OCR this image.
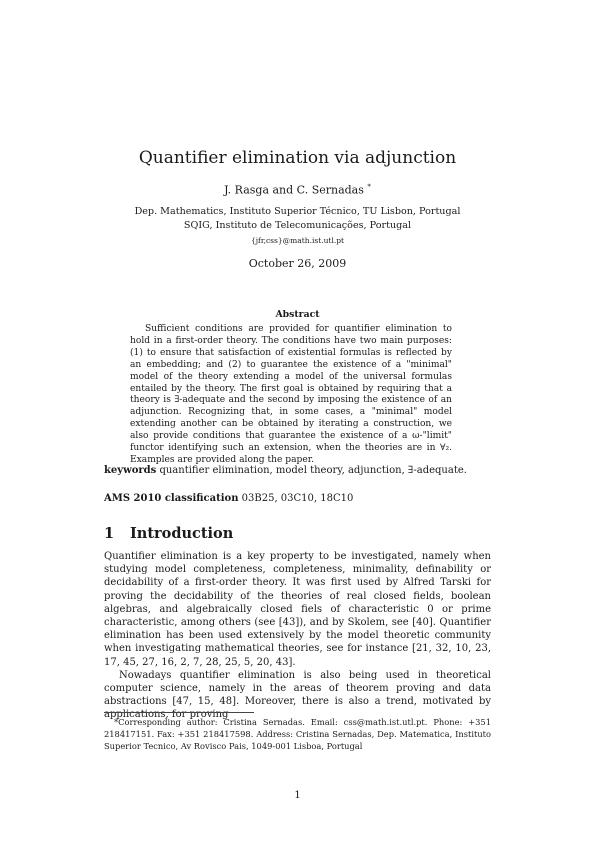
Quantifier elimination via adjunction
J. Rasga and C. Sernadas *
Dep. Mathematics, Instituto Superior Técnico, TU Lisbon, Portugal
SQIG, Instituto de Telecomunicações, Portugal
{jfr,css}@math.ist.utl.pt
October 26, 2009
Abstract
Sufficient conditions are provided for quantifier elimination to hold in a first-order theory. The conditions have two main purposes: (1) to ensure that satisfaction of existential formulas is reflected by an embedding; and (2) to guarantee the existence of a "minimal" model of the theory extending a model of the universal formulas entailed by the theory. The first goal is obtained by requiring that a theory is ∃-adequate and the second by imposing the existence of an adjunction. Recognizing that, in some cases, a "minimal" model extending another can be obtained by iterating a construction, we also provide conditions that guarantee the existence of a ω-"limit" functor identifying such an extension, when the theories are in ∀₂. Examples are provided along the paper.
keywords quantifier elimination, model theory, adjunction, ∃-adequate.
AMS 2010 classification 03B25, 03C10, 18C10
1 Introduction

Quantifier elimination is a key property to be investigated, namely when studying model completeness, completeness, minimality, definability or decidability of a first-order theory. It was first used by Alfred Tarski for proving the decidability of the theories of real closed fields, boolean algebras, and algebraically closed fiels of characteristic 0 or prime characteristic, among others (see [43]), and by Skolem, see [40]. Quantifier elimination has been used extensively by the model theoretic community when investigating mathematical theories, see for instance [21, 32, 10, 23, 17, 45, 27, 16, 2, 7, 28, 25, 5, 20, 43].

Nowadays quantifier elimination is also being used in theoretical computer science, namely in the areas of theorem proving and data abstractions [47, 15, 48]. Moreover, there is also a trend, motivated by applications, for proving

*Corresponding author: Cristina Sernadas. Email: css@math.ist.utl.pt. Phone: +351 218417151. Fax: +351 218417598. Address: Cristina Sernadas, Dep. Matematica, Instituto Superior Tecnico, Av Rovisco Pais, 1049-001 Lisboa, Portugal
1
